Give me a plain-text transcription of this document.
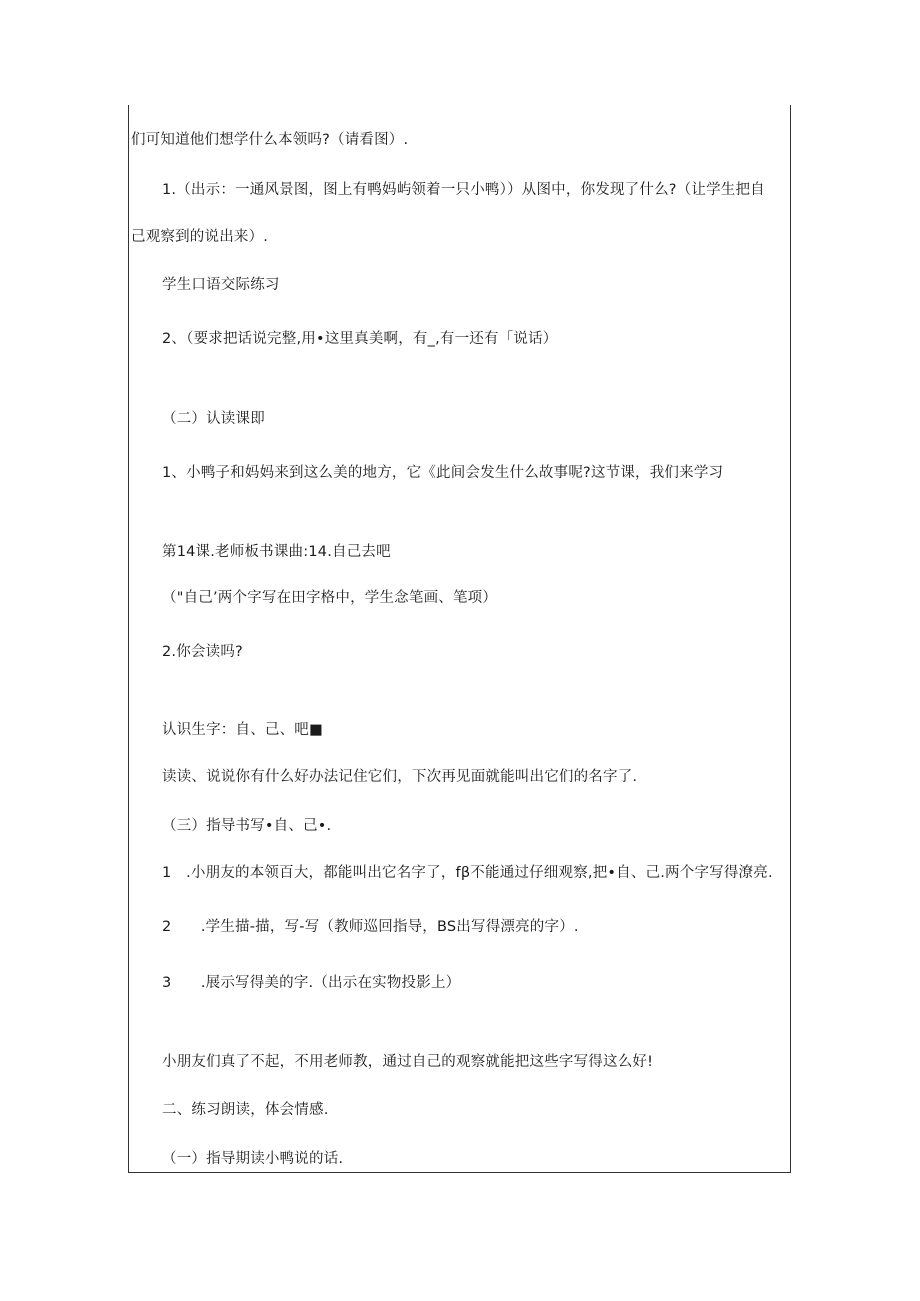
们可知道他们想学什么本领吗?（请看图）.
1.（出示：一通风景图，图上有鸭妈屿领着一只小鸭））从图中，你发现了什么?（让学生把自
己观察到的说出来）.
学生口语交际练习
2、（要求把话说完整,用•这里真美啊，有_,有一还有「说话）
（二）认读课即
1、小鸭子和妈妈来到这么美的地方，它《此间会发生什么故事呢?这节课，我们来学习
第14课.老师板书课曲:14.自己去吧
（"自己’两个字写在田字格中，学生念笔画、笔项）
2.你会读吗?
认识生字：自、己、吧■
读读、说说你有什么好办法记住它们，下次再见面就能叫出它们的名字了.
（三）指导书写•自、己•.
1　.小朋友的本领百大，都能叫出它名字了，fβ不能通过仔细观察,把•自、己.两个字写得潦亮.
2　　.学生描-描，写-写（教师巡回指导，BS出写得漂亮的字）.
3　　.展示写得美的字.（出示在实物投影上）
小朋友们真了不起，不用老师教，通过自己的观察就能把这些字写得这么好!
二、练习朗读，体会情感.
（一）指导期读小鸭说的话.
